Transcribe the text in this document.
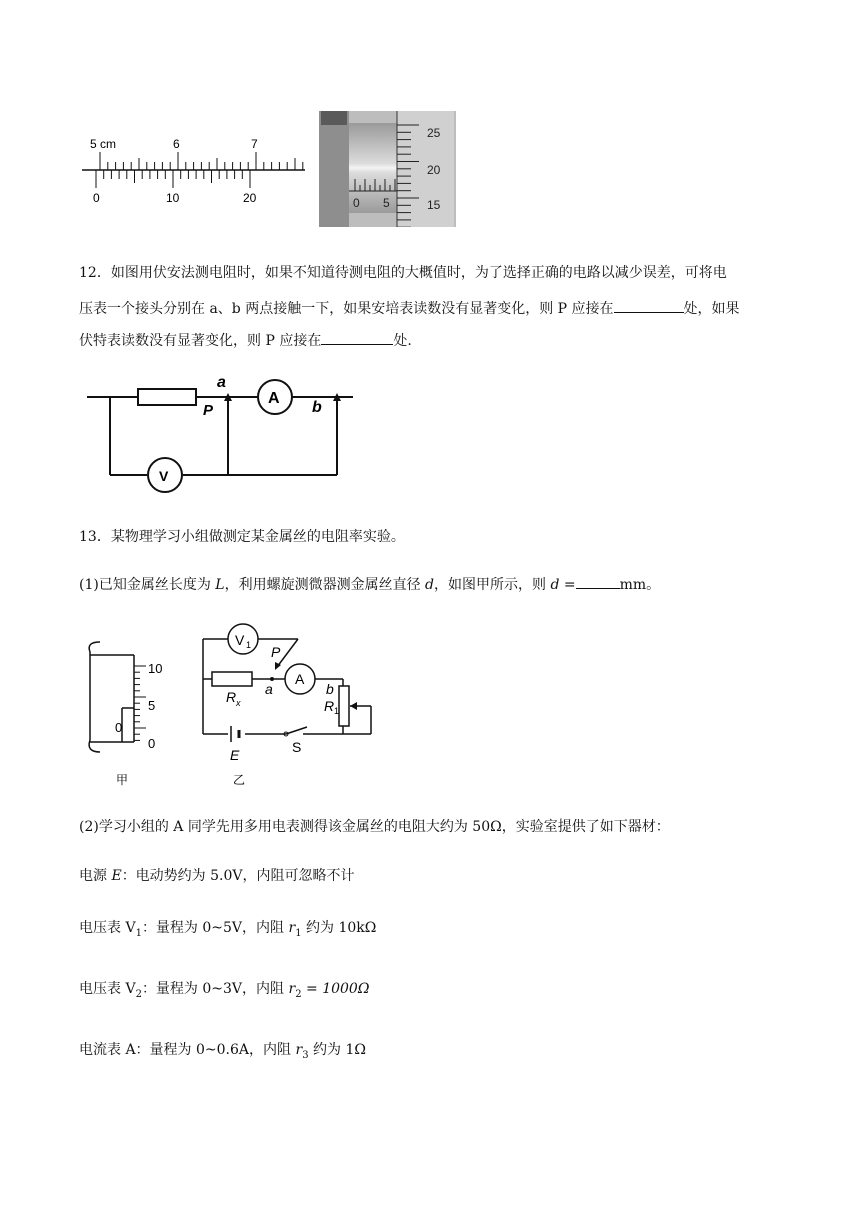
5 cm	6	7
0	10	20
25
20
15
0 5
12．如图用伏安法测电阻时，如果不知道待测电阻的大概值时，为了选择正确的电路以减少误差，可将电
压表一个接头分别在 a、b 两点接触一下，如果安培表读数没有显著变化，则 P 应接在	处，如果
伏特表读数没有显著变化，则 P 应接在	处.
A
V
a
b
P
13．某物理学习小组做测定某金属丝的电阻率实验。
(1)已知金属丝长度为 L，利用螺旋测微器测金属丝直径 d，如图甲所示，则 d =	mm。
10
5
0
0
甲
V 1
A
P
R x
a	b
R 1
E	S
乙
(2)学习小组的 A 同学先用多用电表测得该金属丝的电阻大约为 50Ω，实验室提供了如下器材：
电源 E：电动势约为 5.0V，内阻可忽略不计
电压表 $V_1$：量程为 0~5V，内阻 $r_1$ 约为 10kΩ
电压表 $V_2$：量程为 0~3V，内阻 $r_2 = 1000\Omega$
电流表 A：量程为 0~0.6A，内阻 $r_3$ 约为 1Ω
